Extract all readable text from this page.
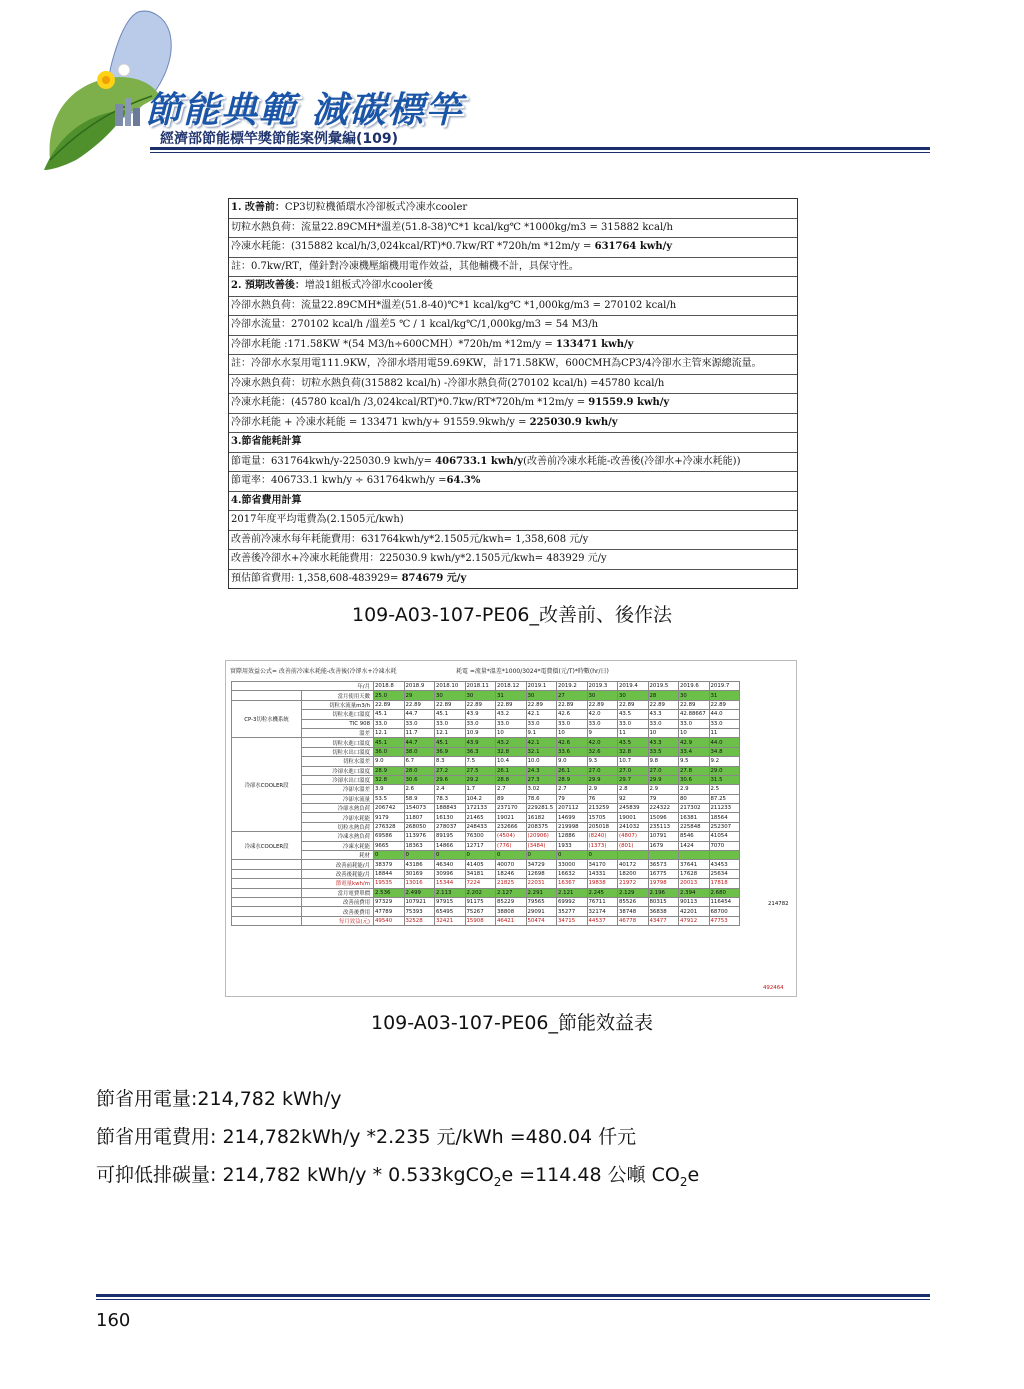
節能典範 減碳標竿
經濟部節能標竿獎節能案例彙編(109)
1. 改善前：CP3切粒機循環水冷卻板式冷凍水cooler
切粒水熱負荷：流量22.89CMH*溫差(51.8-38)℃*1 kcal/kg℃ *1000kg/m3 = 315882 kcal/h
冷凍水耗能：(315882 kcal/h/3,024kcal/RT)*0.7kw/RT *720h/m *12m/y = 631764 kwh/y
註：0.7kw/RT，僅針對冷凍機壓縮機用電作效益，其他輔機不計，具保守性。
2. 預期改善後：增設1組板式冷卻水cooler後
冷卻水熱負荷：流量22.89CMH*溫差(51.8-40)℃*1 kcal/kg℃ *1,000kg/m3 = 270102 kcal/h
冷卻水流量：270102 kcal/h /溫差5 ℃ / 1 kcal/kg℃/1,000kg/m3 = 54 M3/h
冷卻水耗能 :171.58KW *(54 M3/h÷600CMH）*720h/m *12m/y = 133471 kwh/y
註：冷卻水水泵用電111.9KW，冷卻水塔用電59.69KW，計171.58KW，600CMH為CP3/4冷卻水主管來源總流量。
冷凍水熱負荷：切粒水熱負荷(315882 kcal/h) -冷卻水熱負荷(270102 kcal/h) =45780 kcal/h
冷凍水耗能：(45780 kcal/h /3,024kcal/RT)*0.7kw/RT*720h/m *12m/y = 91559.9 kwh/y
冷卻水耗能 + 冷凍水耗能 = 133471 kwh/y+ 91559.9kwh/y = 225030.9 kwh/y
3.節省能耗計算
節電量：631764kwh/y-225030.9 kwh/y= 406733.1 kwh/y(改善前冷凍水耗能-改善後(冷卻水+冷凍水耗能))
節電率：406733.1 kwh/y ÷ 631764kwh/y =64.3%
4.節省費用計算
2017年度平均電費為(2.1505元/kwh)
改善前冷凍水每年耗能費用：631764kwh/y*2.1505元/kwh= 1,358,608 元/y
改善後冷卻水+冷凍水耗能費用：225030.9 kwh/y*2.1505元/kwh= 483929 元/y
預估節省費用: 1,358,608-483929= 874679 元/y
109-A03-107-PE06_改善前、後作法
實際用效益公式= 改善前冷凍水耗能-改善後(冷卻水+冷凍水耗	耗電 =流量*溫差*1000/3024*電費價(元/T)*時數(hr/日)
年/月		2018.8	2018.9	2018.10	2018.11	2018.12	2019.1	2019.2	2019.3	2019.4	2019.5	2019.6	2019.7
	當月使用天數	25.0	29	30	30	31	30	27	30	30	28	30	31
CP-3切粒水機系統	切粒水流量m3/h	22.89	22.89	22.89	22.89	22.89	22.89	22.89	22.89	22.89	22.89	22.89	22.89
	切粒水進口溫度	45.1	44.7	45.1	43.9	43.2	42.1	42.6	42.0	43.5	43.3	42.88667	44.0
	TIC 908	33.0	33.0	33.0	33.0	33.0	33.0	33.0	33.0	33.0	33.0	33.0	33.0
	溫差	12.1	11.7	12.1	10.9	10	9.1	10	9	11	10	10	11
冷卻水COOLER段	切粒水進口溫度	45.1	44.7	45.1	43.9	43.2	42.1	42.6	42.0	43.5	43.3	42.9	44.0
	切粒水出口溫度	36.0	38.0	36.9	36.3	32.8	32.1	33.6	32.6	32.8	33.5	33.4	34.8
	切粒水溫差	9.0	6.7	8.3	7.5	10.4	10.0	9.0	9.3	10.7	9.8	9.5	9.2
	冷卻水進口溫度	28.9	28.0	27.2	27.5	26.1	24.3	26.1	27.0	27.0	27.0	27.8	29.0
	冷卻水出口溫度	32.8	30.6	29.6	29.2	28.8	27.3	28.9	29.9	29.7	29.9	30.6	31.5
	冷卻水溫差	3.9	2.6	2.4	1.7	2.7	3.02	2.7	2.9	2.8	2.9	2.9	2.5
	冷卻水流量	53.5	58.9	78.3	104.2	89	78.6	79	76	92	79	80	87.25
	冷卻水熱負荷	206742	154073	188843	172133	237170	229281.5	207112	213259	245839	224322	217302	211233
	冷卻水耗能	9179	11807	16130	21465	19021	16182	14699	15705	19001	15096	16381	18564
	切粒水熱負荷	276328	268050	278037	248433	232666	208375	219998	205018	241032	235113	225848	252307
冷凍水COOLER段	冷凍水熱負荷	69586	113976	89195	76300	(4504)	(20906)	12886	(8240)	(4807)	10791	8546	41054
	冷凍水耗能	9665	18363	14866	12717	(776)	(3484)	1933	(1373)	(801)	1679	1424	7070
	耗材	0	0	0	0	0	0	0	0				
	改善前耗能/月	38379	43186	46340	41405	40070	34729	33000	34170	40172	36573	37641	43453
	改善後耗能/月	18844	30169	30996	34181	18246	12698	16632	14331	18200	16775	17628	25634
	節電量kwh/m	19535	13016	15344	7224	21825	22031	16367	19838	21972	19798	20013	17818
	當月電費單價	2.536	2.499	2.113	2.202	2.127	2.291	2.121	2.245	2.129	2.196	2.394	2.680
	改善前費用	97329	107921	97915	91175	85229	79565	69992	76711	85526	80315	90113	116454
	改善後費用	47789	75393	65495	75267	38808	29091	35277	32174	38748	36838	42201	68700
	每月效益(元)	49540	32528	32421	15908	46421	50474	34715	44537	46778	43477	47912	47753
214782
492464
109-A03-107-PE06_節能效益表
節省用電量:214,782 kWh/y
節省用電費用: 214,782kWh/y *2.235 元/kWh =480.04 仟元
可抑低排碳量: 214,782 kWh/y * 0.533kgCO$_2$e =114.48 公噸 $CO_2e$
160
